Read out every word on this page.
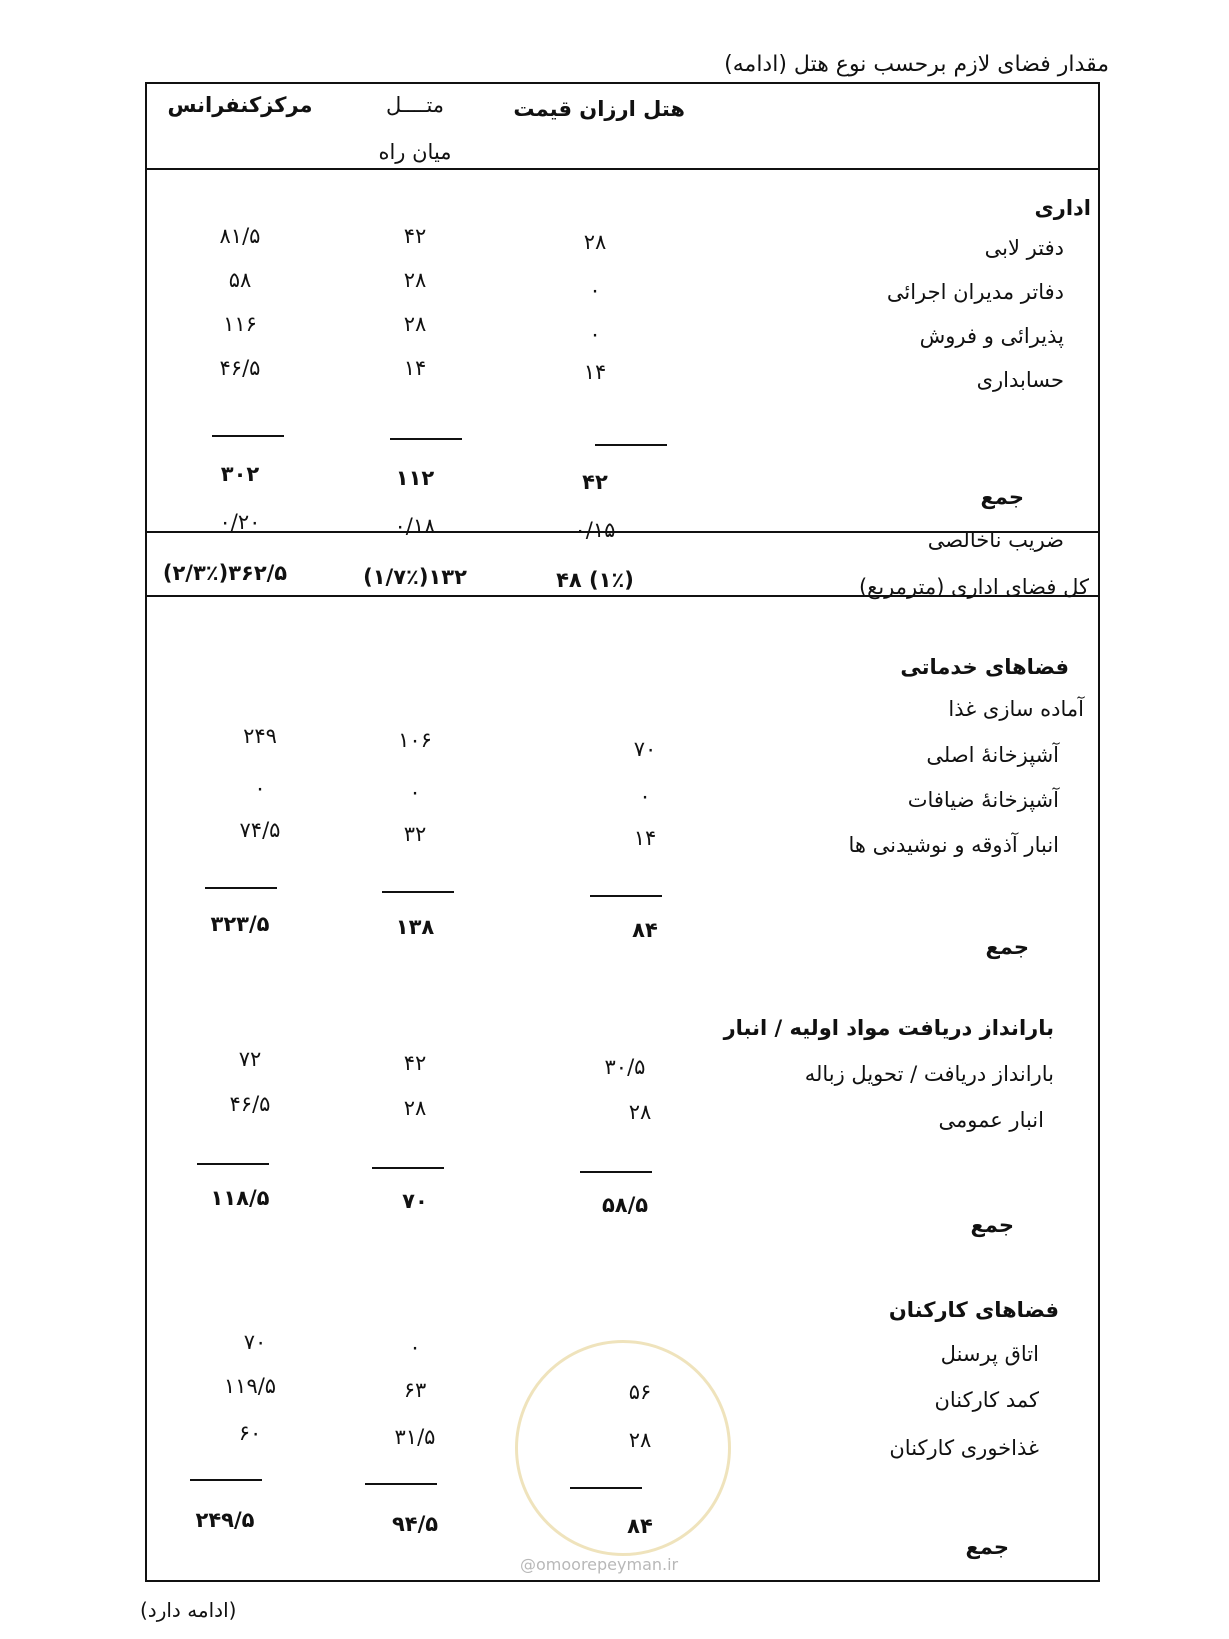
مقدار فضای لازم برحسب نوع هتل (ادامه)
هتل ارزان قیمت
متــــل
میان راه
مرکزکنفرانس
اداری
دفتر لابی
۲۸
۴۲
۸۱/۵
دفاتر مدیران اجرائی
۰
۲۸
۵۸
پذیرائی و فروش
۰
۲۸
۱۱۶
حسابداری
۱۴
۱۴
۴۶/۵
جمع
۴۲
۱۱۲
۳۰۲
ضریب ناخالصی
۰/۱۵
۰/۱۸
۰/۲۰
کل فضای اداری (مترمربع)
(۱٪) ۴۸
۱۳۲(۱/۷٪)
۳۶۲/۵(۲/۳٪)
فضاهای خدماتی
آماده سازی غذا
آشپزخانهٔ اصلی
۷۰
۱۰۶
۲۴۹
آشپزخانهٔ ضیافات
۰
۰
۰
انبار آذوقه و نوشیدنی ها
۱۴
۳۲
۷۴/۵
جمع
۸۴
۱۳۸
۳۲۳/۵
بارانداز دریافت مواد اولیه / انبار
بارانداز دریافت / تحویل زباله
۳۰/۵
۴۲
۷۲
انبار عمومی
۲۸
۲۸
۴۶/۵
جمع
۵۸/۵
۷۰
۱۱۸/۵
فضاهای کارکنان
اتاق پرسنل
۰
۷۰
کمد کارکنان
۵۶
۶۳
۱۱۹/۵
غذاخوری کارکنان
۲۸
۳۱/۵
۶۰
جمع
۸۴
۹۴/۵
۲۴۹/۵
@omoorepeyman.ir
(ادامه دارد)
